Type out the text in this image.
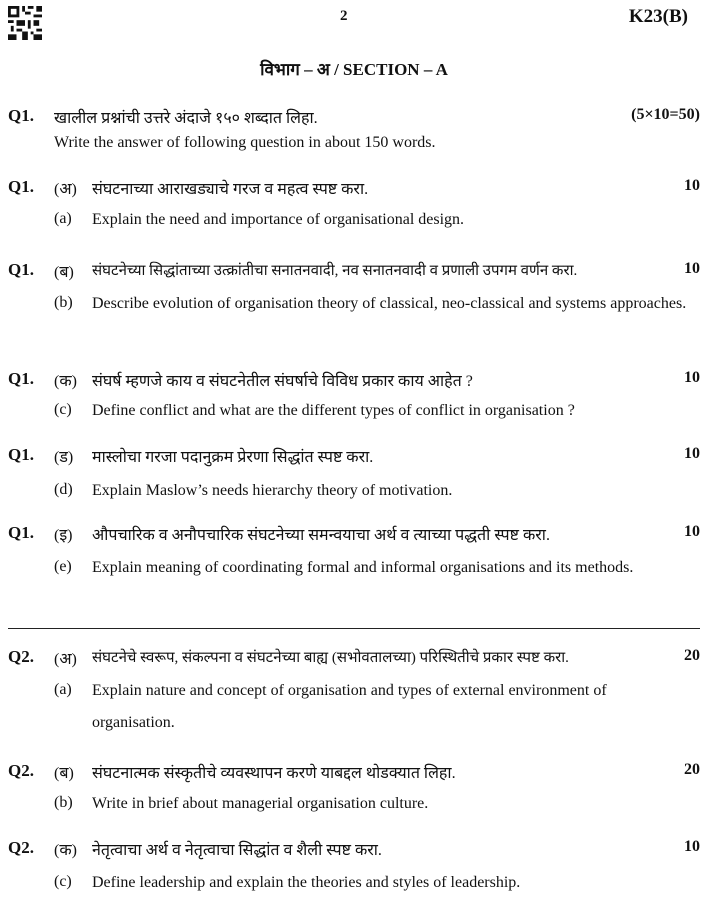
2	K23(B)
विभाग – अ / SECTION – A
Q1. खालील प्रश्नांची उत्तरे अंदाजे १५० शब्दात लिहा.	(5×10=50)
Write the answer of following question in about 150 words.
Q1. (अ) संघटनाच्या आराखड्याचे गरज व महत्व स्पष्ट करा.	10
(a) Explain the need and importance of organisational design.
Q1. (ब) संघटनेच्या सिद्धांताच्या उत्क्रांतीचा सनातनवादी, नव सनातनवादी व प्रणाली उपगम वर्णन करा.	10
(b) Describe evolution of organisation theory of classical, neo-classical and systems approaches.
Q1. (क) संघर्ष म्हणजे काय व संघटनेतील संघर्षाचे विविध प्रकार काय आहेत ?	10
(c) Define conflict and what are the different types of conflict in organisation ?
Q1. (ड) मास्लोचा गरजा पदानुक्रम प्रेरणा सिद्धांत स्पष्ट करा.	10
(d) Explain Maslow’s needs hierarchy theory of motivation.
Q1. (इ) औपचारिक व अनौपचारिक संघटनेच्या समन्वयाचा अर्थ व त्याच्या पद्धती स्पष्ट करा.	10
(e) Explain meaning of coordinating formal and informal organisations and its methods.
Q2. (अ) संघटनेचे स्वरूप, संकल्पना व संघटनेच्या बाह्य (सभोवतालच्या) परिस्थितीचे प्रकार स्पष्ट करा.	20
(a) Explain nature and concept of organisation and types of external environment of organisation.
Q2. (ब) संघटनात्मक संस्कृतीचे व्यवस्थापन करणे याबद्दल थोडक्यात लिहा.	20
(b) Write in brief about managerial organisation culture.
Q2. (क) नेतृत्वाचा अर्थ व नेतृत्वाचा सिद्धांत व शैली स्पष्ट करा.	10
(c) Define leadership and explain the theories and styles of leadership.
